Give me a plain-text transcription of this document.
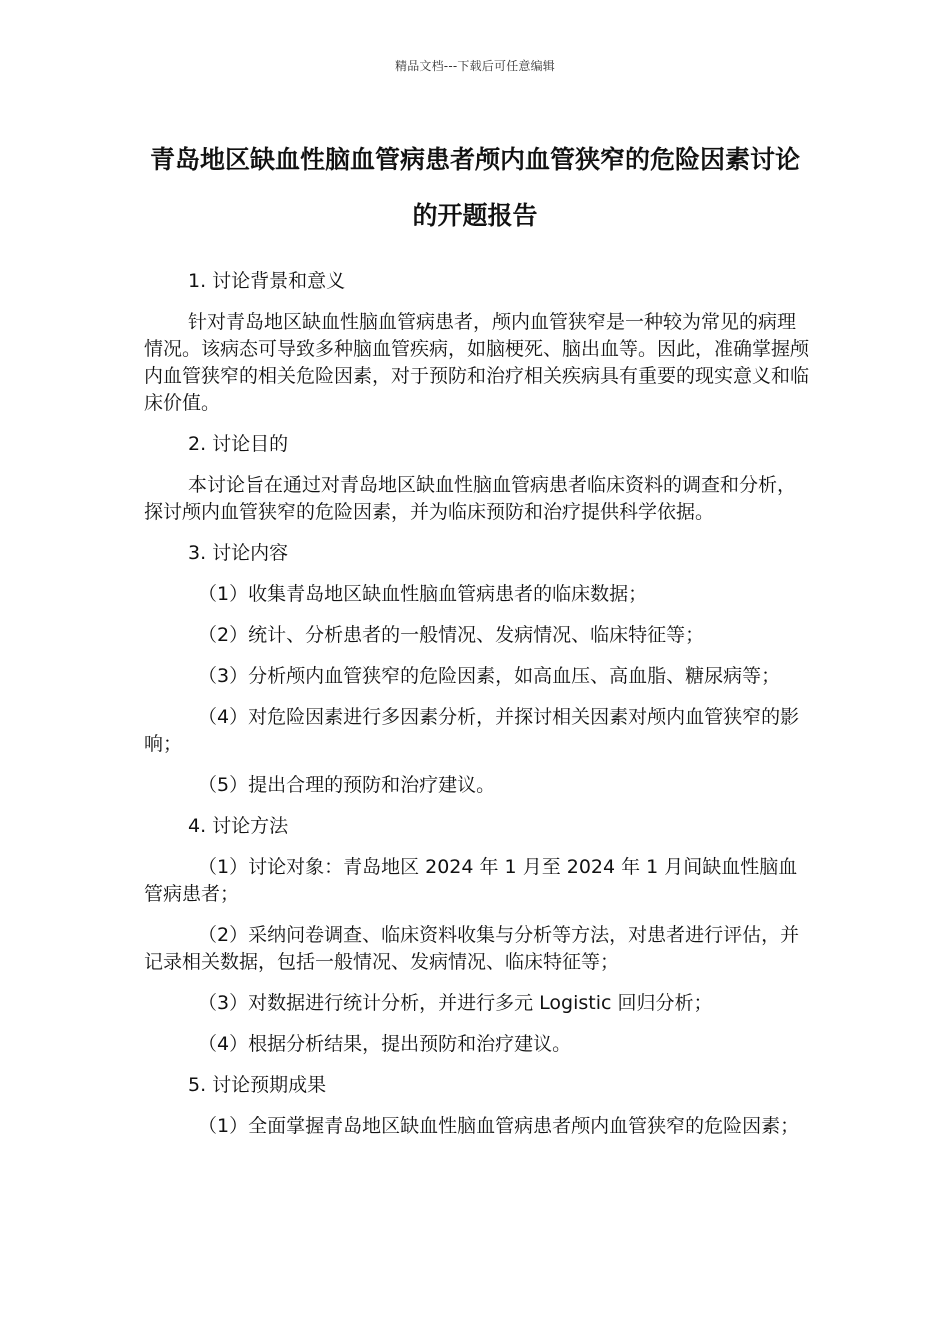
精品文档---下载后可任意编辑
青岛地区缺血性脑血管病患者颅内血管狭窄的危险因素讨论的开题报告
1. 讨论背景和意义
针对青岛地区缺血性脑血管病患者，颅内血管狭窄是一种较为常见的病理情况。该病态可导致多种脑血管疾病，如脑梗死、脑出血等。因此，准确掌握颅内血管狭窄的相关危险因素，对于预防和治疗相关疾病具有重要的现实意义和临床价值。
2. 讨论目的
本讨论旨在通过对青岛地区缺血性脑血管病患者临床资料的调查和分析，探讨颅内血管狭窄的危险因素，并为临床预防和治疗提供科学依据。
3. 讨论内容
（1）收集青岛地区缺血性脑血管病患者的临床数据；
（2）统计、分析患者的一般情况、发病情况、临床特征等；
（3）分析颅内血管狭窄的危险因素，如高血压、高血脂、糖尿病等；
（4）对危险因素进行多因素分析，并探讨相关因素对颅内血管狭窄的影响；
（5）提出合理的预防和治疗建议。
4. 讨论方法
（1）讨论对象：青岛地区 2024 年 1 月至 2024 年 1 月间缺血性脑血管病患者；
（2）采纳问卷调查、临床资料收集与分析等方法，对患者进行评估，并记录相关数据，包括一般情况、发病情况、临床特征等；
（3）对数据进行统计分析，并进行多元 Logistic 回归分析；
（4）根据分析结果，提出预防和治疗建议。
5. 讨论预期成果
（1）全面掌握青岛地区缺血性脑血管病患者颅内血管狭窄的危险因素；
